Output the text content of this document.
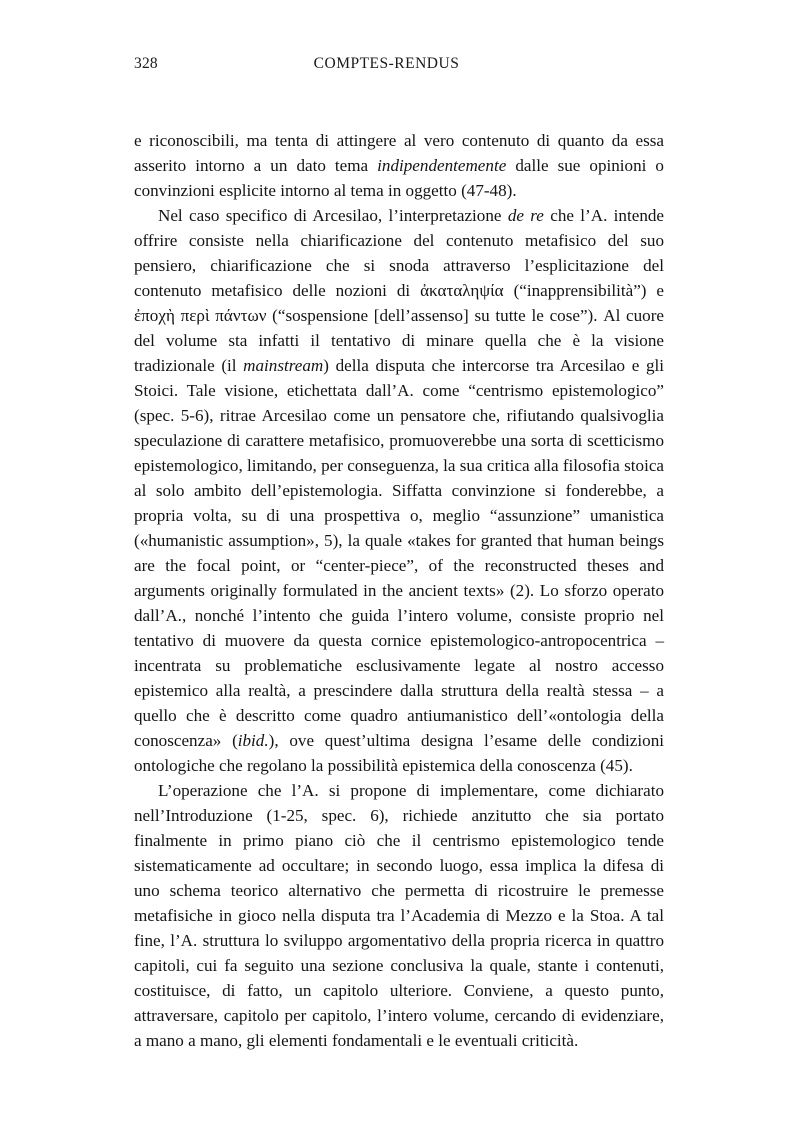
328	COMPTES-RENDUS

e riconoscibili, ma tenta di attingere al vero contenuto di quanto da essa asserito intorno a un dato tema indipendentemente dalle sue opinioni o convinzioni esplicite intorno al tema in oggetto (47-48).

Nel caso specifico di Arcesilao, l’interpretazione de re che l’A. intende offrire consiste nella chiarificazione del contenuto metafisico del suo pensiero, chiarificazione che si snoda attraverso l’esplicitazione del contenuto metafisico delle nozioni di ἀκαταληψία (“inapprensibilità”) e ἐποχὴ περὶ πάντων (“sospensione [dell’assenso] su tutte le cose”). Al cuore del volume sta infatti il tentativo di minare quella che è la visione tradizionale (il mainstream) della disputa che intercorse tra Arcesilao e gli Stoici. Tale visione, etichettata dall’A. come “centrismo epistemologico” (spec. 5-6), ritrae Arcesilao come un pensatore che, rifiutando qualsivoglia speculazione di carattere metafisico, promuoverebbe una sorta di scetticismo epistemologico, limitando, per conseguenza, la sua critica alla filosofia stoica al solo ambito dell’epistemologia. Siffatta convinzione si fonderebbe, a propria volta, su di una prospettiva o, meglio “assunzione” umanistica («humanistic assumption», 5), la quale «takes for granted that human beings are the focal point, or “center-piece”, of the reconstructed theses and arguments originally formulated in the ancient texts» (2). Lo sforzo operato dall’A., nonché l’intento che guida l’intero volume, consiste proprio nel tentativo di muovere da questa cornice epistemologico-antropocentrica – incentrata su problematiche esclusivamente legate al nostro accesso epistemico alla realtà, a prescindere dalla struttura della realtà stessa – a quello che è descritto come quadro antiumanistico dell’«ontologia della conoscenza» (ibid.), ove quest’ultima designa l’esame delle condizioni ontologiche che regolano la possibilità epistemica della conoscenza (45).

L’operazione che l’A. si propone di implementare, come dichiarato nell’Introduzione (1-25, spec. 6), richiede anzitutto che sia portato finalmente in primo piano ciò che il centrismo epistemologico tende sistematicamente ad occultare; in secondo luogo, essa implica la difesa di uno schema teorico alternativo che permetta di ricostruire le premesse metafisiche in gioco nella disputa tra l’Academia di Mezzo e la Stoa. A tal fine, l’A. struttura lo sviluppo argomentativo della propria ricerca in quattro capitoli, cui fa seguito una sezione conclusiva la quale, stante i contenuti, costituisce, di fatto, un capitolo ulteriore. Conviene, a questo punto, attraversare, capitolo per capitolo, l’intero volume, cercando di evidenziare, a mano a mano, gli elementi fondamentali e le eventuali criticità.
